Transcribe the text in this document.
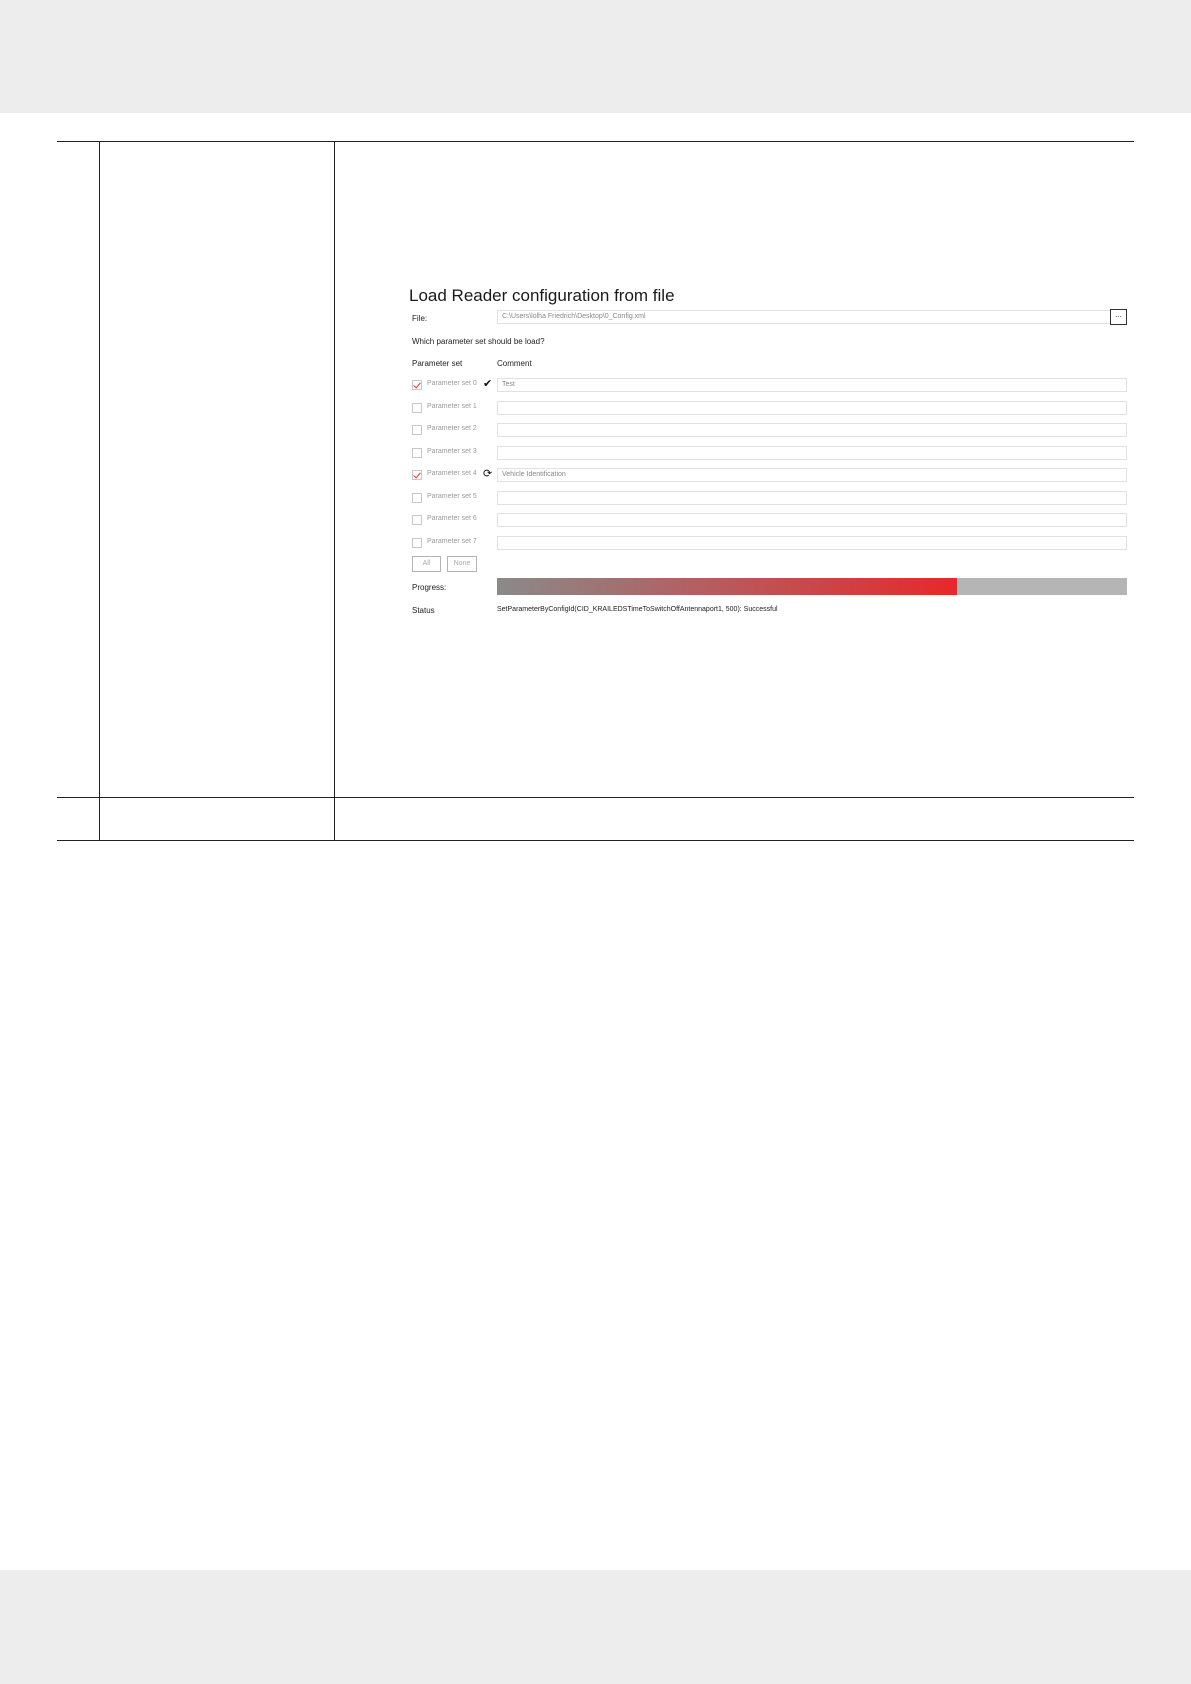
Load Reader configuration from file
File:	C:\Users\lolha Friedrich\Desktop\0_Config.xml	...
Which parameter set should be load?
Parameter set	Comment
Parameter set 0 ✔	Test
Parameter set 1
Parameter set 2
Parameter set 3
Parameter set 4 ⟳	Vehicle Identification
Parameter set 5
Parameter set 6
Parameter set 7
All	None
Progress:
Status	SetParameterByConfigId(CID_KRAILEDSTimeToSwitchOffAntennaport1, 500): Successful
